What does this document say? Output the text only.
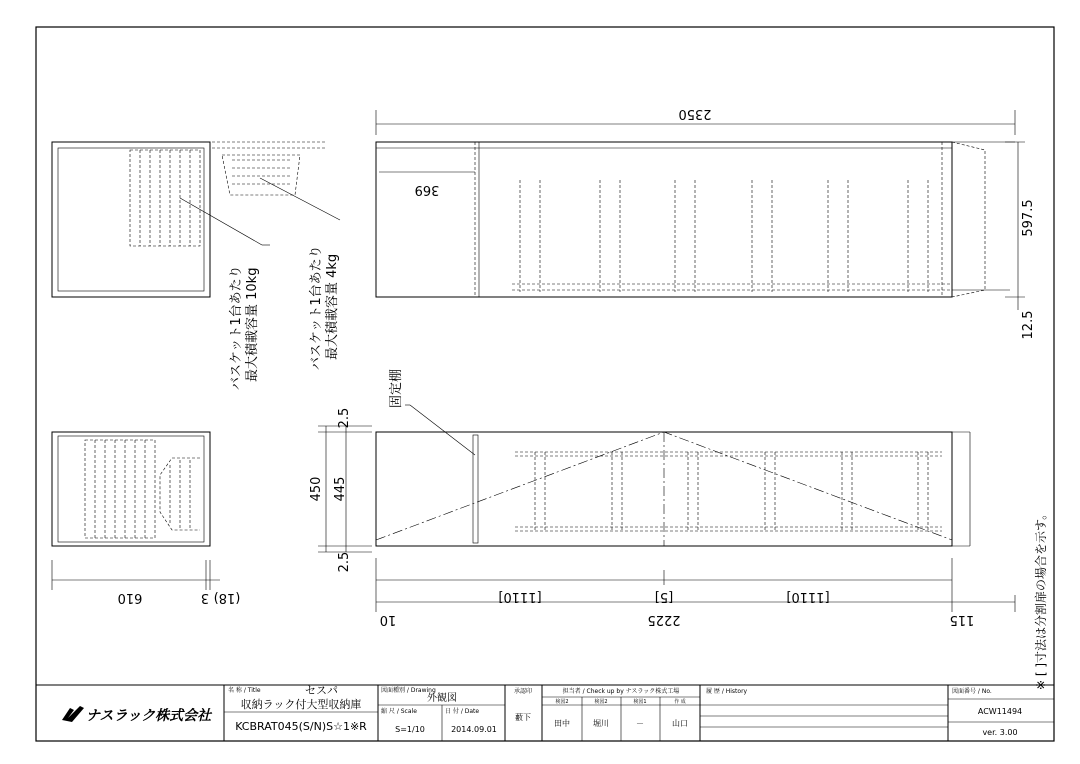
2350
369
597.5
12.5
バスケット1台あたり 最大積載容量 10kg	バスケット1台あたり 最大積載容量 4kg
2.5
450 445
2.5
[1110]	[5]	[1110]
2225
10	115
固定棚
610	3 (18)	※ [ ]寸法は分割扉の場合を示す。
ナスラック株式会社
名 称 / Title	セスパ
収納ラック付大型収納庫
KCBRAT045(S/N)S☆1※R
図面種別 / Drawing
外観図
縮 尺 / Scale
S=1/10
日 付 / Date
2014.09.01
承認印
藪下
担当者 / Check up by ナスラック株式工場
検図2	検図2	検図1	作 成
田中	堀川	－	山口
履 歴 / History	図面番号 / No.
ACW11494
ver. 3.00
